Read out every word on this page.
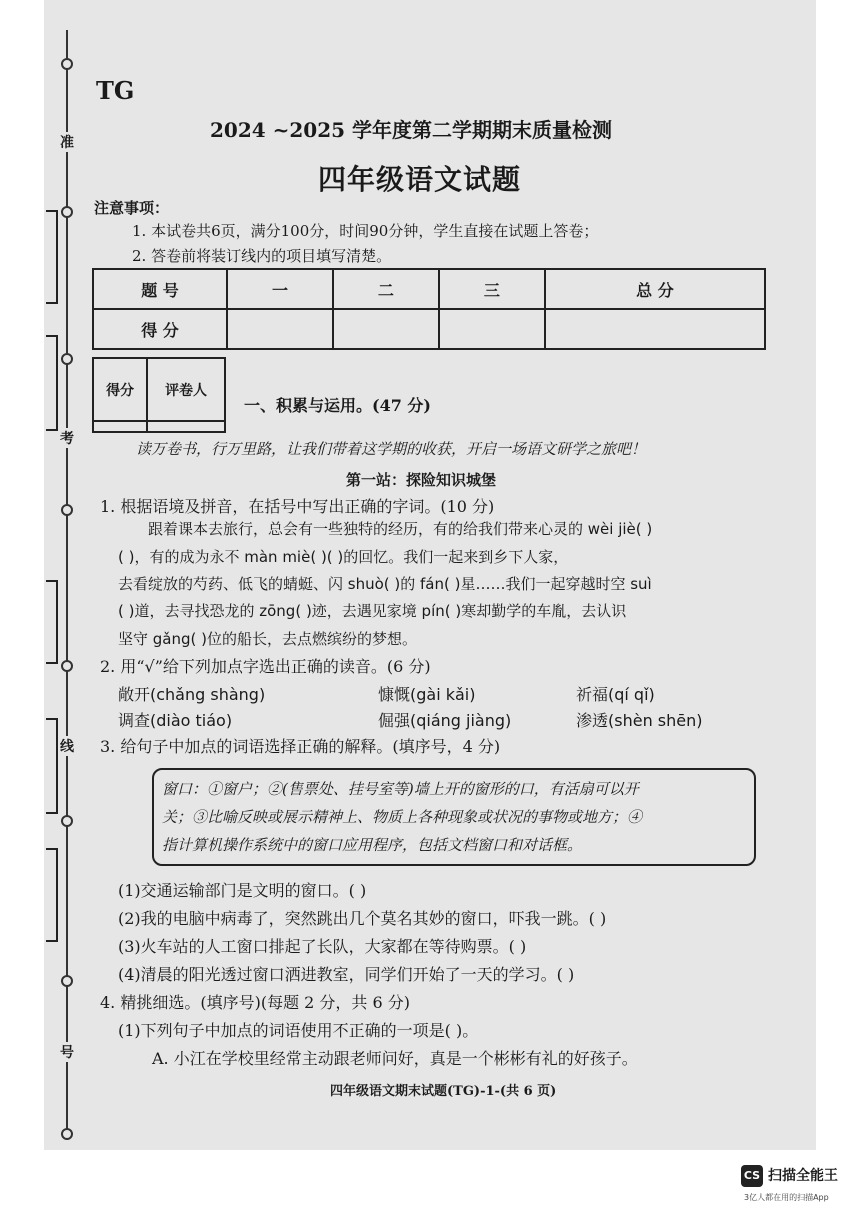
准
考
线
号
TG
2024 ~2025 学年度第二学期期末质量检测
四年级语文试题
注意事项：
1. 本试卷共6页，满分100分，时间90分钟，学生直接在试题上答卷；
2. 答卷前将装订线内的项目填写清楚。
题 号	一	二	三	总 分
得 分				
得分	评卷人

一、积累与运用。(47 分)
读万卷书，行万里路，让我们带着这学期的收获，开启一场语文研学之旅吧！
第一站：探险知识城堡
1. 根据语境及拼音，在括号中写出正确的字词。(10 分)
跟着课本去旅行，总会有一些独特的经历，有的给我们带来心灵的 wèi jiè( )
( )，有的成为永不 màn miè( )( )的回忆。我们一起来到乡下人家，
去看绽放的芍药、低飞的蜻蜓、闪 shuò( )的 fán( )星……我们一起穿越时空 suì
( )道，去寻找恐龙的 zōng( )迹，去遇见家境 pín( )寒却勤学的车胤，去认识
坚守 gǎng( )位的船长，去点燃缤纷的梦想。
2. 用“√”给下列加点字选出正确的读音。(6 分)
敞开(chǎng shàng)	慷慨(gài kǎi)	祈福(qí qǐ)
调查(diào tiáo)	倔强(qiáng jiàng)	渗透(shèn shēn)
3. 给句子中加点的词语选择正确的解释。(填序号，4 分)
窗口：①窗户；②(售票处、挂号室等)墙上开的窗形的口，有活扇可以开
关；③比喻反映或展示精神上、物质上各种现象或状况的事物或地方；④
指计算机操作系统中的窗口应用程序，包括文档窗口和对话框。
(1)交通运输部门是文明的窗口。( )
(2)我的电脑中病毒了，突然跳出几个莫名其妙的窗口，吓我一跳。( )
(3)火车站的人工窗口排起了长队，大家都在等待购票。( )
(4)清晨的阳光透过窗口洒进教室，同学们开始了一天的学习。( )
4. 精挑细选。(填序号)(每题 2 分，共 6 分)
(1)下列句子中加点的词语使用不正确的一项是( )。
A. 小江在学校里经常主动跟老师问好，真是一个彬彬有礼的好孩子。
四年级语文期末试题(TG)-1-(共 6 页)
CS 扫描全能王
3亿人都在用的扫描App
